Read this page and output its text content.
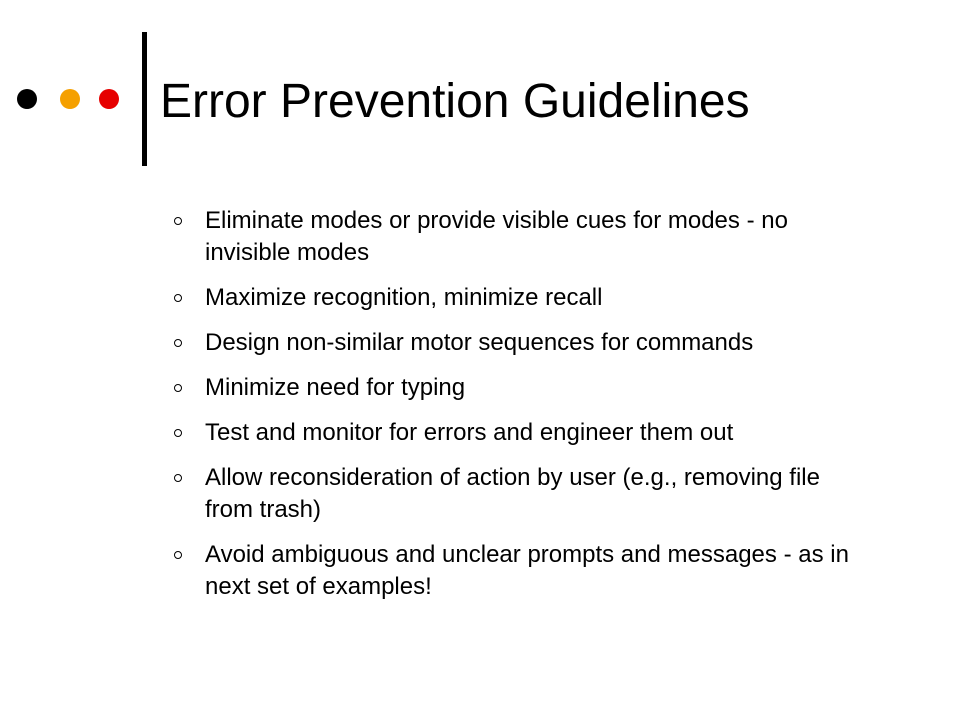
Error Prevention Guidelines
Eliminate modes or provide visible cues for modes - no invisible modes
Maximize recognition, minimize recall
Design non-similar motor sequences for commands
Minimize need for typing
Test and monitor for errors and engineer them out
Allow reconsideration of action by user (e.g., removing file from trash)
Avoid ambiguous and unclear prompts and messages - as in next set of examples!
